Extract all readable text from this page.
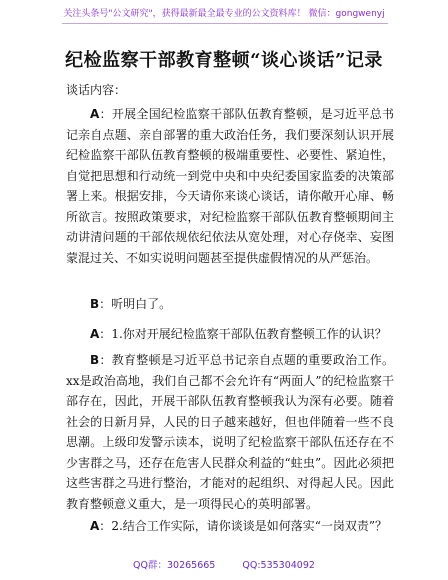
关注头条号"公文研究"，获得最新最全最专业的公文资料库！ 微信：gongwenyj
纪检监察干部教育整顿“谈心谈话”记录
谈话内容：

A：开展全国纪检监察干部队伍教育整顿，是习近平总书记亲自点题、亲自部署的重大政治任务，我们要深刻认识开展纪检监察干部队伍教育整顿的极端重要性、必要性、紧迫性，自觉把思想和行动统一到党中央和中央纪委国家监委的决策部署上来。根据安排，今天请你来谈心谈话，请你敞开心扉、畅所欲言。按照政策要求，对纪检监察干部队伍教育整顿期间主动讲清问题的干部依规依纪依法从宽处理，对心存侥幸、妄图蒙混过关、不如实说明问题甚至提供虚假情况的从严惩治。

B：听明白了。

A：1.你对开展纪检监察干部队伍教育整顿工作的认识？

B：教育整顿是习近平总书记亲自点题的重要政治工作。xx是政治高地，我们自己都不会允许有“两面人”的纪检监察干部存在，因此，开展干部队伍教育整顿我认为深有必要。随着社会的日新月异，人民的日子越来越好，但也伴随着一些不良思潮。上级印发警示读本，说明了纪检监察干部队伍还存在不少害群之马，还存在危害人民群众利益的“蛀虫”。因此必须把这些害群之马进行整治，才能对的起组织、对得起人民。因此教育整顿意义重大，是一项得民心的英明部署。

A：2.结合工作实际，请你谈谈是如何落实“一岗双责”？

QQ群：30265665	QQ:535304092
